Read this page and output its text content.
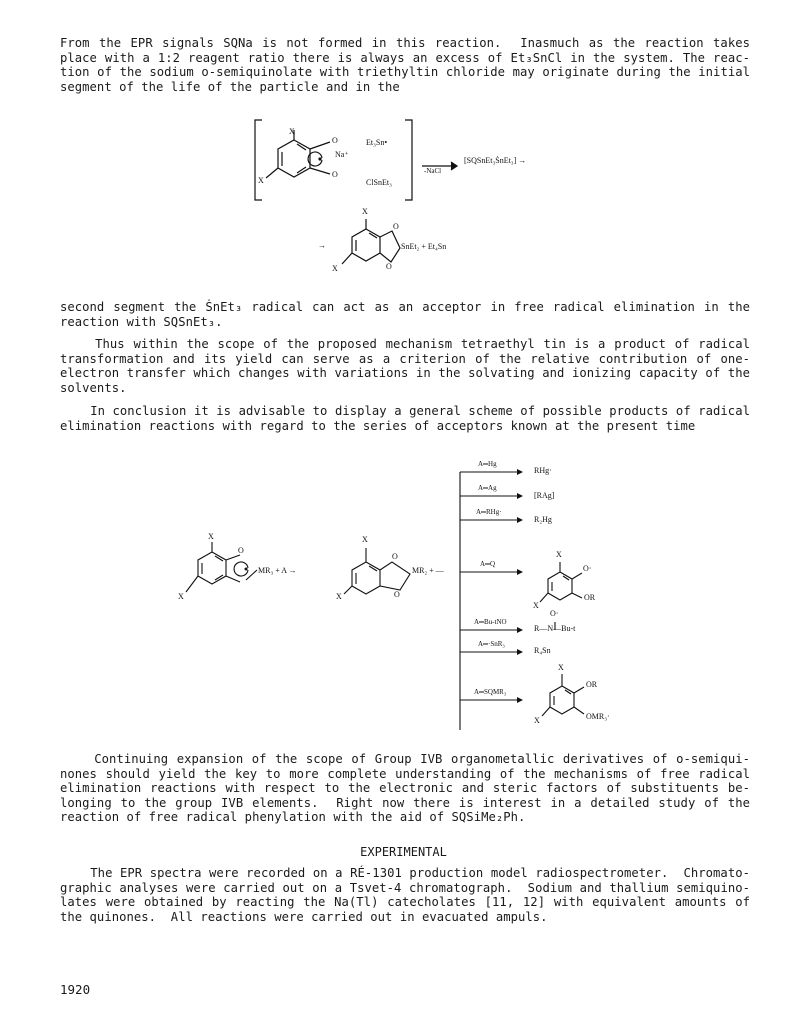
From the EPR signals SQNa is not formed in this reaction.  Inasmuch as the reaction takes place with a 1:2 reagent ratio there is always an excess of Et₃SnCl in the system. The reac-tion of the sodium o-semiquinolate with triethyltin chloride may originate during the initial segment of the life of the particle and in the
X
O
O
X
Na⁺
Et₃Sn•
ClSnEt₃
-NaCl
[SQSnEt₃ṠnEt₃] →
X
O
O
X
→	SnEt₂ + Et₄Sn
second segment the ṠnEt₃ radical can act as an acceptor in free radical elimination in the reaction with SQSnEt₃.
Thus within the scope of the proposed mechanism tetraethyl tin is a product of radical transformation and its yield can serve as a criterion of the relative contribution of one-electron transfer which changes with variations in the solvating and ionizing capacity of the solvents.
In conclusion it is advisable to display a general scheme of possible products of radical elimination reactions with regard to the series of acceptors known at the present time
X
X
O
MR₃ + A →
X
X
O
O
MR₂ + —
A═Hg
RHg·
A═Ag
[RAg]
A═RHg·
R₂Hg
A═Q
A═Bu-tNO
R—N—Bu-t
A═·SnR₃
R₄Sn
A═SQMR₃
X
O·
X
OR
O·
X
OR
X	OMR₃·
Continuing expansion of the scope of Group IVB organometallic derivatives of o-semiqui-nones should yield the key to more complete understanding of the mechanisms of free radical elimination reactions with respect to the electronic and steric factors of substituents be-longing to the group IVB elements.  Right now there is interest in a detailed study of the reaction of free radical phenylation with the aid of SQSiMe₂Ph.
EXPERIMENTAL
The EPR spectra were recorded on a RÉ-1301 production model radiospectrometer.  Chromato-graphic analyses were carried out on a Tsvet-4 chromatograph.  Sodium and thallium semiquino-lates were obtained by reacting the Na(Tl) catecholates [11, 12] with equivalent amounts of the quinones.  All reactions were carried out in evacuated ampuls.
1920
